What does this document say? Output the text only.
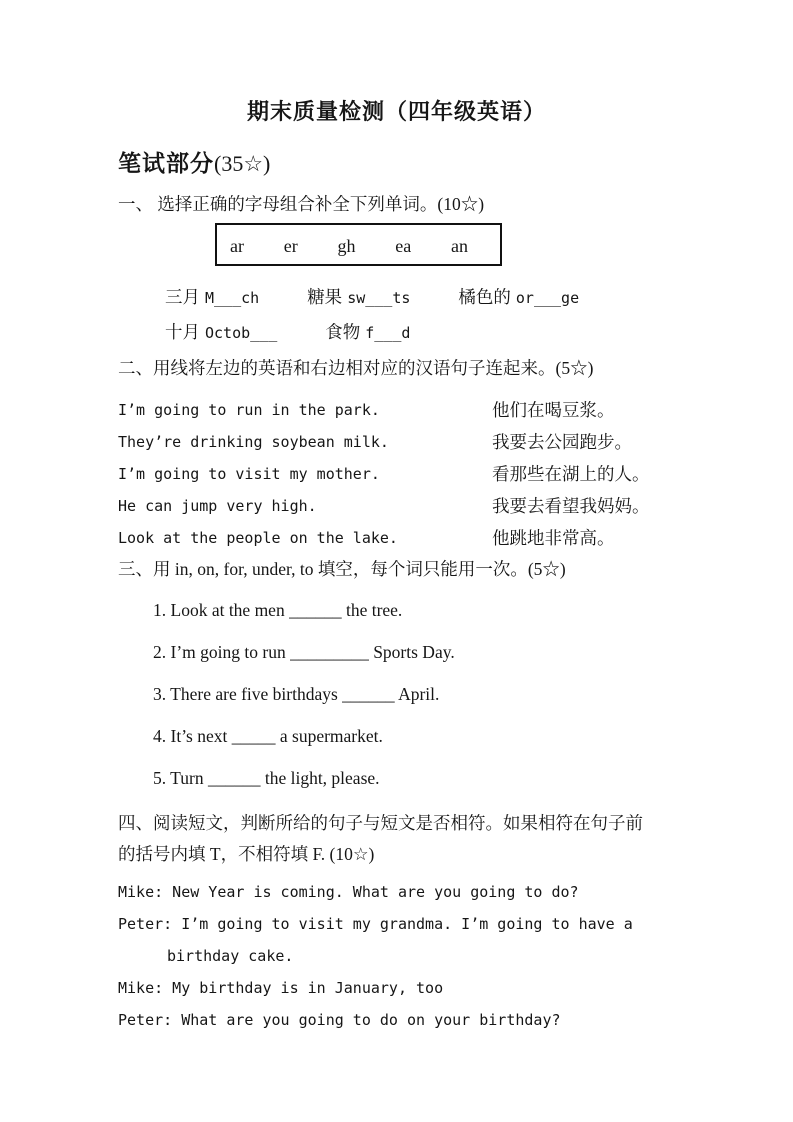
期末质量检测（四年级英语）
笔试部分(35☆)
一、 选择正确的字母组合补全下列单词。(10☆)
ar er gh ea an
三月 M___ch	糖果 sw___ts	橘色的 or___ge
十月 Octob___	食物 f___d
二、用线将左边的英语和右边相对应的汉语句子连起来。(5☆)
I’m going to run in the park.	他们在喝豆浆。
They’re drinking soybean milk.	我要去公园跑步。
I’m going to visit my mother.	看那些在湖上的人。
He can jump very high.	我要去看望我妈妈。
Look at the people on the lake.	他跳地非常高。
三、用 in, on, for, under, to 填空，每个词只能用一次。(5☆)
1. Look at the men ______ the tree.
2. I’m going to run _________ Sports Day.
3. There are five birthdays ______ April.
4. It’s next _____ a supermarket.
5. Turn ______ the light, please.
四、阅读短文，判断所给的句子与短文是否相符。如果相符在句子前
的括号内填 T，不相符填 F. (10☆)
Mike: New Year is coming. What are you going to do?
Peter: I’m going to visit my grandma. I’m going to have a
birthday cake.
Mike: My birthday is in January, too
Peter: What are you going to do on your birthday?
